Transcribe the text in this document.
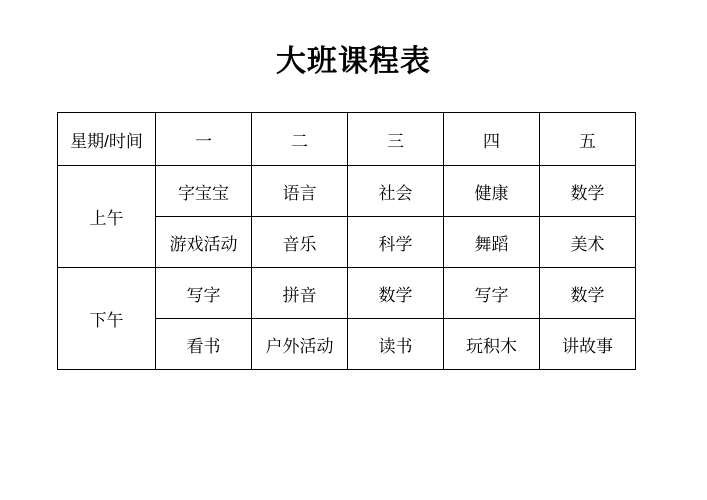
大班课程表
星期/时间	一	二	三	四	五
上午	字宝宝	语言	社会	健康	数学
	游戏活动	音乐	科学	舞蹈	美术
下午	写字	拼音	数学	写字	数学
	看书	户外活动	读书	玩积木	讲故事
